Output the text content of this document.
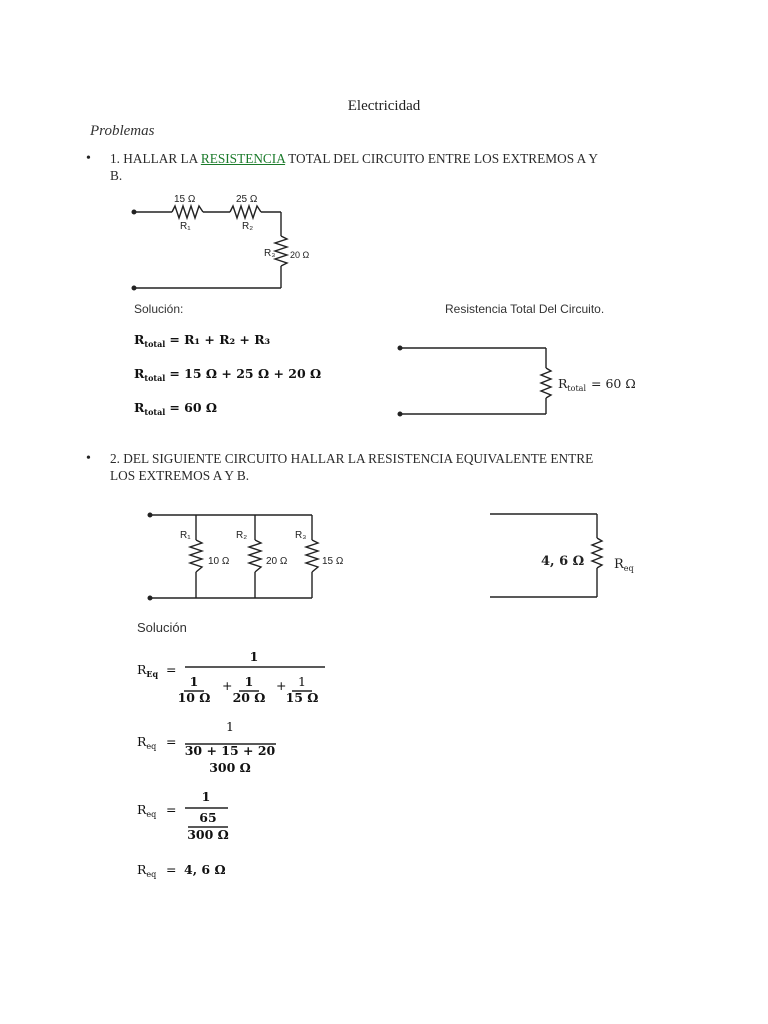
Electricidad
Problemas
• 1. HALLAR LA RESISTENCIA TOTAL DEL CIRCUITO ENTRE LOS EXTREMOS A Y
B.
• 2. DEL SIGUIENTE CIRCUITO HALLAR LA RESISTENCIA EQUIVALENTE ENTRE
LOS EXTREMOS A Y B.
15 Ω
R₁
25 Ω
R₂
R₃ 20 Ω
Solución:	Resistencia Total Del Circuito.
$R_{total} = R_1 + R_2 + R_3$
$R_{total} = 15$ Ω + 25 Ω + 20 Ω
$R_{total} = 60$ Ω
$R_{total} = 60$ Ω
R₁
10 Ω
R₂
20 Ω
R₃
15 Ω	4, 6 Ω $R_{eq}$
Solución
$R_{Eq}$ =
1
1
10 Ω
+ 1
20 Ω
+ 1
15 Ω
$R_{eq}$ =
1
30 + 15 + 20
300 Ω
$R_{eq}$ =
1
65
300 Ω
$R_{eq} = 4$, 6 Ω
